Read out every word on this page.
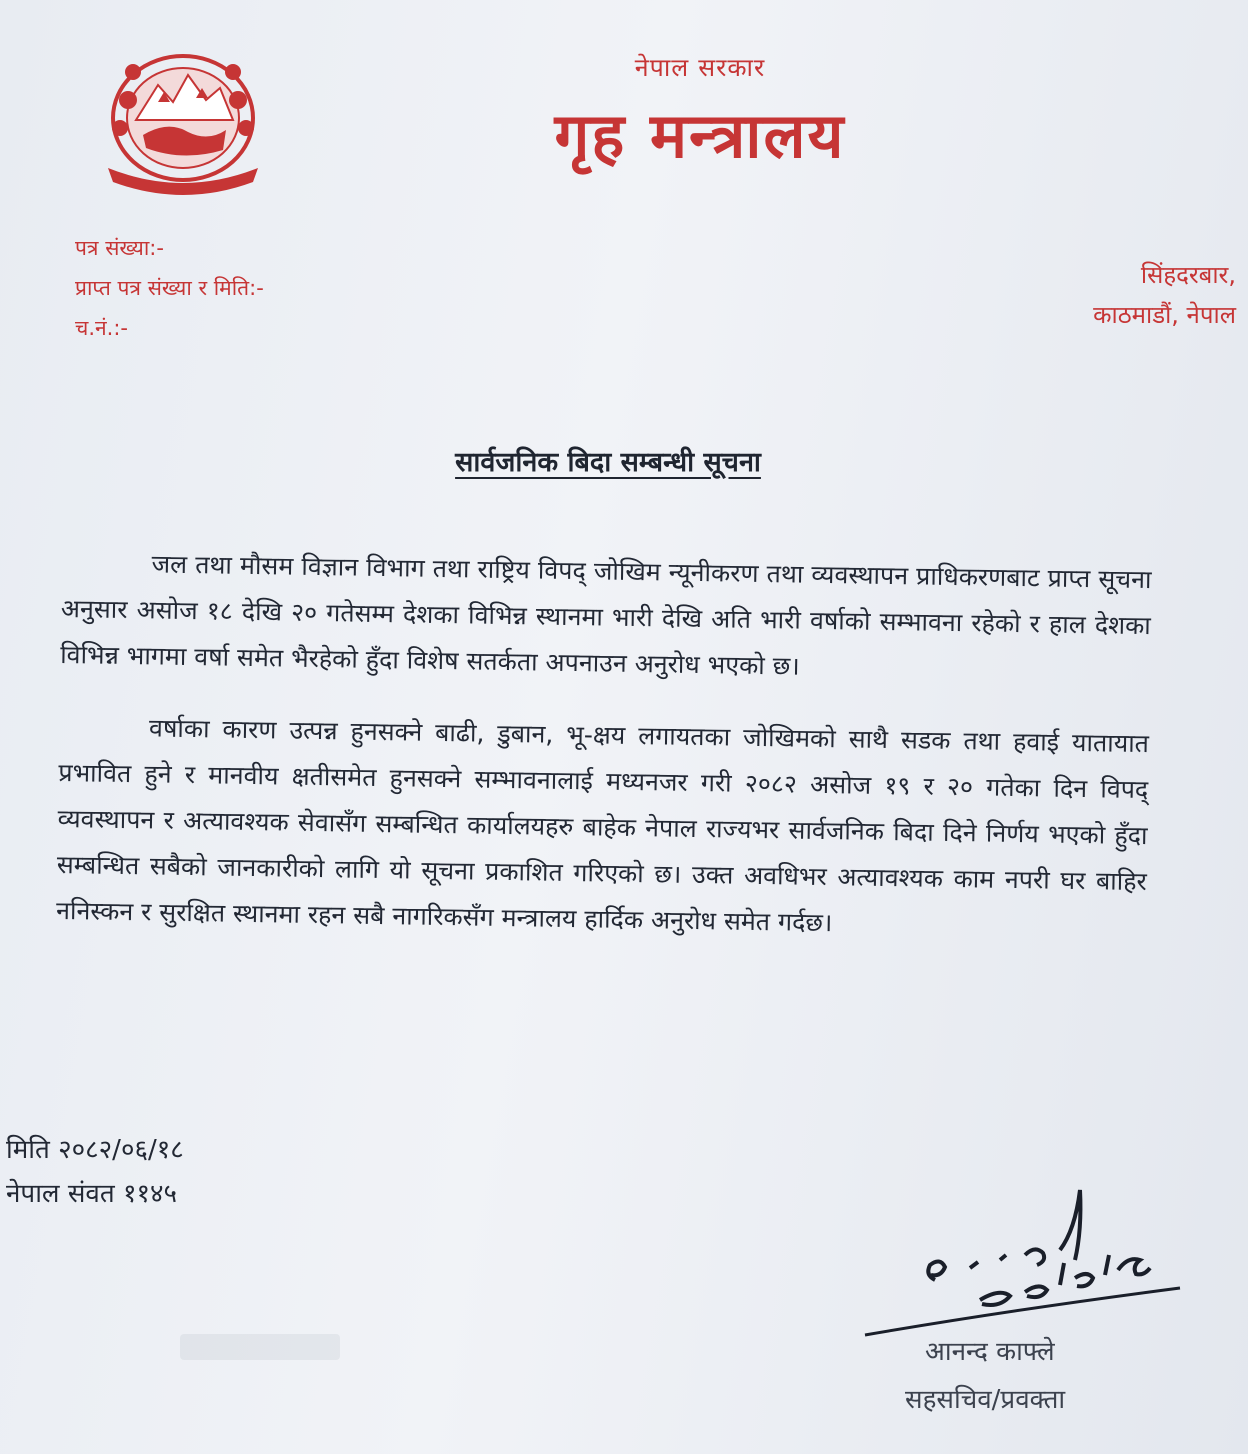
नेपाल सरकार
गृह मन्त्रालय
पत्र संख्या:-
प्राप्त पत्र संख्या र मिति:-
च.नं.:-
सिंहदरबार,
काठमाडौं, नेपाल
सार्वजनिक बिदा सम्बन्धी सूचना

जल तथा मौसम विज्ञान विभाग तथा राष्ट्रिय विपद् जोखिम न्यूनीकरण तथा व्यवस्थापन प्राधिकरणबाट प्राप्त सूचना अनुसार असोज १८ देखि २० गतेसम्म देशका विभिन्न स्थानमा भारी देखि अति भारी वर्षाको सम्भावना रहेको र हाल देशका विभिन्न भागमा वर्षा समेत भैरहेको हुँदा विशेष सतर्कता अपनाउन अनुरोध भएको छ।

वर्षाका कारण उत्पन्न हुनसक्ने बाढी, डुबान, भू-क्षय लगायतका जोखिमको साथै सडक तथा हवाई यातायात प्रभावित हुने र मानवीय क्षतीसमेत हुनसक्ने सम्भावनालाई मध्यनजर गरी २०८२ असोज १९ र २० गतेका दिन विपद् व्यवस्थापन र अत्यावश्यक सेवासँग सम्बन्धित कार्यालयहरु बाहेक नेपाल राज्यभर सार्वजनिक बिदा दिने निर्णय भएको हुँदा सम्बन्धित सबैको जानकारीको लागि यो सूचना प्रकाशित गरिएको छ। उक्त अवधिभर अत्यावश्यक काम नपरी घर बाहिर ननिस्कन र सुरक्षित स्थानमा रहन सबै नागरिकसँग मन्त्रालय हार्दिक अनुरोध समेत गर्दछ।

मिति २०८२/०६/१८
नेपाल संवत ११४५
आनन्द काफ्ले
सहसचिव/प्रवक्ता
